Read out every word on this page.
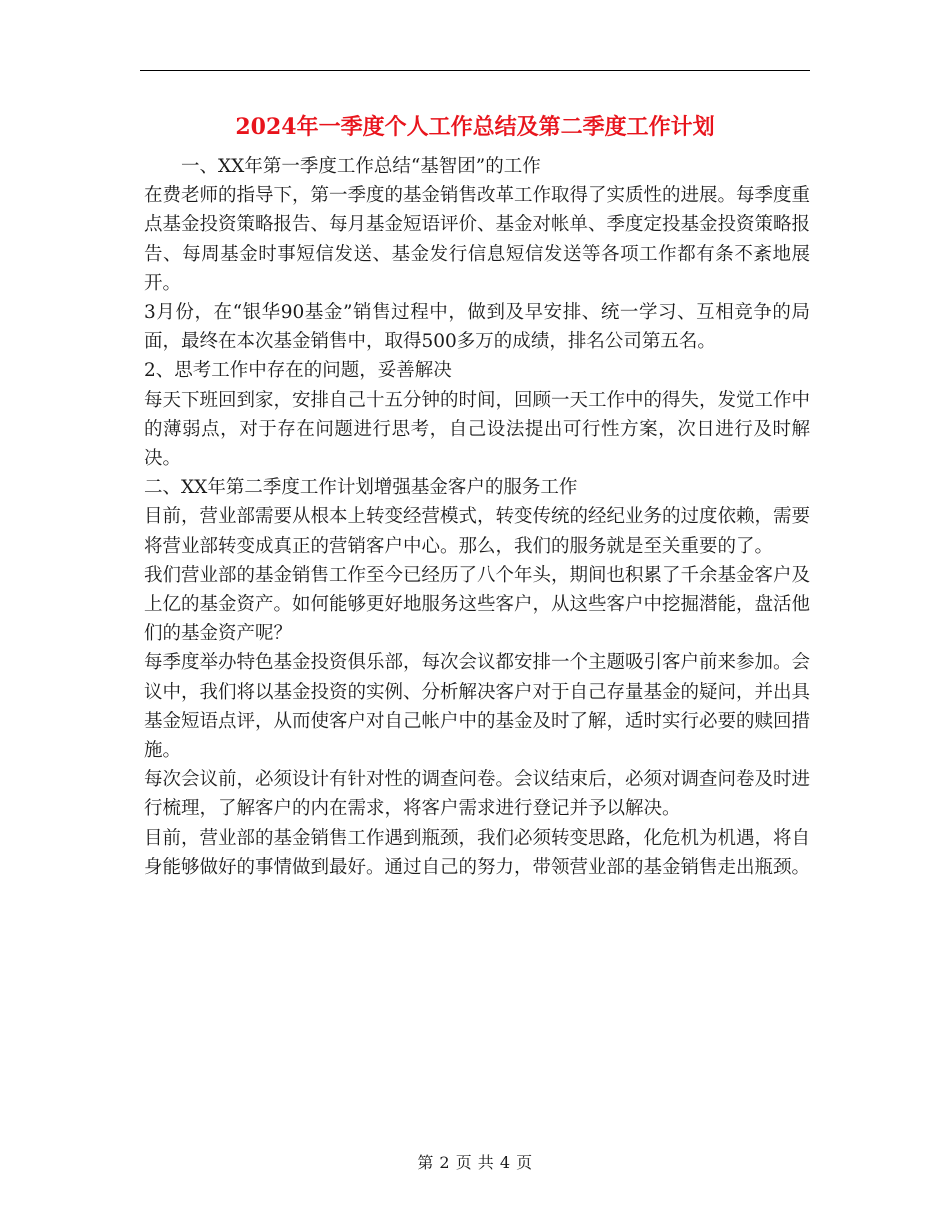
2024年一季度个人工作总结及第二季度工作计划

一、XX年第一季度工作总结“基智团”的工作

在费老师的指导下，第一季度的基金销售改革工作取得了实质性的进展。每季度重点基金投资策略报告、每月基金短语评价、基金对帐单、季度定投基金投资策略报告、每周基金时事短信发送、基金发行信息短信发送等各项工作都有条不紊地展开。

3月份，在“银华90基金”销售过程中，做到及早安排、统一学习、互相竞争的局面，最终在本次基金销售中，取得500多万的成绩，排名公司第五名。

2、思考工作中存在的问题，妥善解决

每天下班回到家，安排自己十五分钟的时间，回顾一天工作中的得失，发觉工作中的薄弱点，对于存在问题进行思考，自己设法提出可行性方案，次日进行及时解决。

二、XX年第二季度工作计划增强基金客户的服务工作

目前，营业部需要从根本上转变经营模式，转变传统的经纪业务的过度依赖，需要将营业部转变成真正的营销客户中心。那么，我们的服务就是至关重要的了。

我们营业部的基金销售工作至今已经历了八个年头，期间也积累了千余基金客户及上亿的基金资产。如何能够更好地服务这些客户，从这些客户中挖掘潜能，盘活他们的基金资产呢？

每季度举办特色基金投资俱乐部，每次会议都安排一个主题吸引客户前来参加。会议中，我们将以基金投资的实例、分析解决客户对于自己存量基金的疑问，并出具基金短语点评，从而使客户对自己帐户中的基金及时了解，适时实行必要的赎回措施。

每次会议前，必须设计有针对性的调查问卷。会议结束后，必须对调查问卷及时进行梳理，了解客户的内在需求，将客户需求进行登记并予以解决。

目前，营业部的基金销售工作遇到瓶颈，我们必须转变思路，化危机为机遇，将自身能够做好的事情做到最好。通过自己的努力，带领营业部的基金销售走出瓶颈。

第 2 页 共 4 页
